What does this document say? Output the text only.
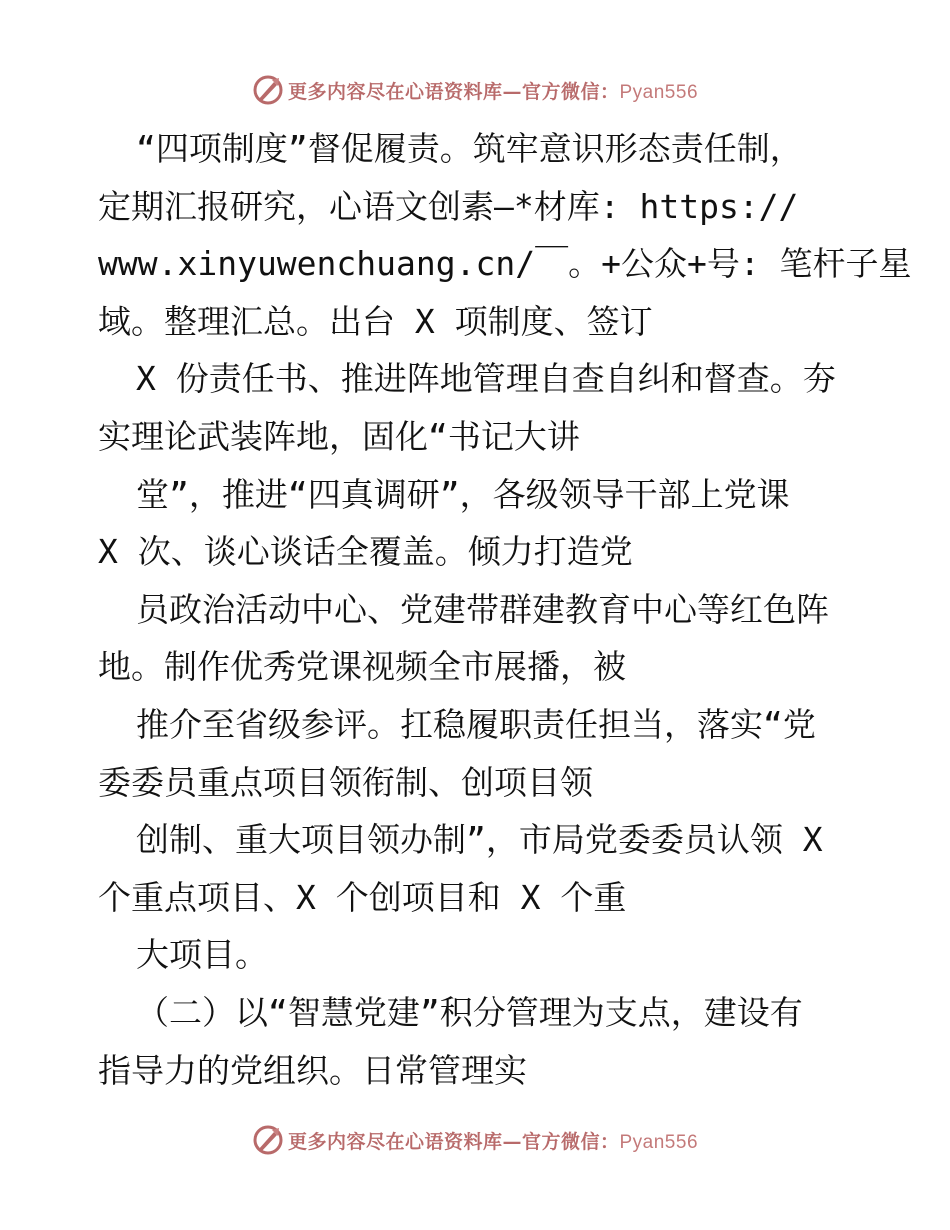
更多内容尽在心语资料库—官方微信：Pyan556
“四项制度”督促履责。筑牢意识形态责任制，
定期汇报研究，心语文创素—*材库: https://
www.xinyuwenchuang.cn/￣。+公众+号: 笔杆子星
域。整理汇总。出台 X 项制度、签订
X 份责任书、推进阵地管理自查自纠和督查。夯
实理论武装阵地，固化“书记大讲
堂”，推进“四真调研”，各级领导干部上党课
X 次、谈心谈话全覆盖。倾力打造党
员政治活动中心、党建带群建教育中心等红色阵
地。制作优秀党课视频全市展播，被
推介至省级参评。扛稳履职责任担当，落实“党
委委员重点项目领衔制、创项目领
创制、重大项目领办制”，市局党委委员认领 X
个重点项目、X 个创项目和 X 个重
大项目。
（二）以“智慧党建”积分管理为支点，建设有
指导力的党组织。日常管理实
更多内容尽在心语资料库—官方微信：Pyan556
